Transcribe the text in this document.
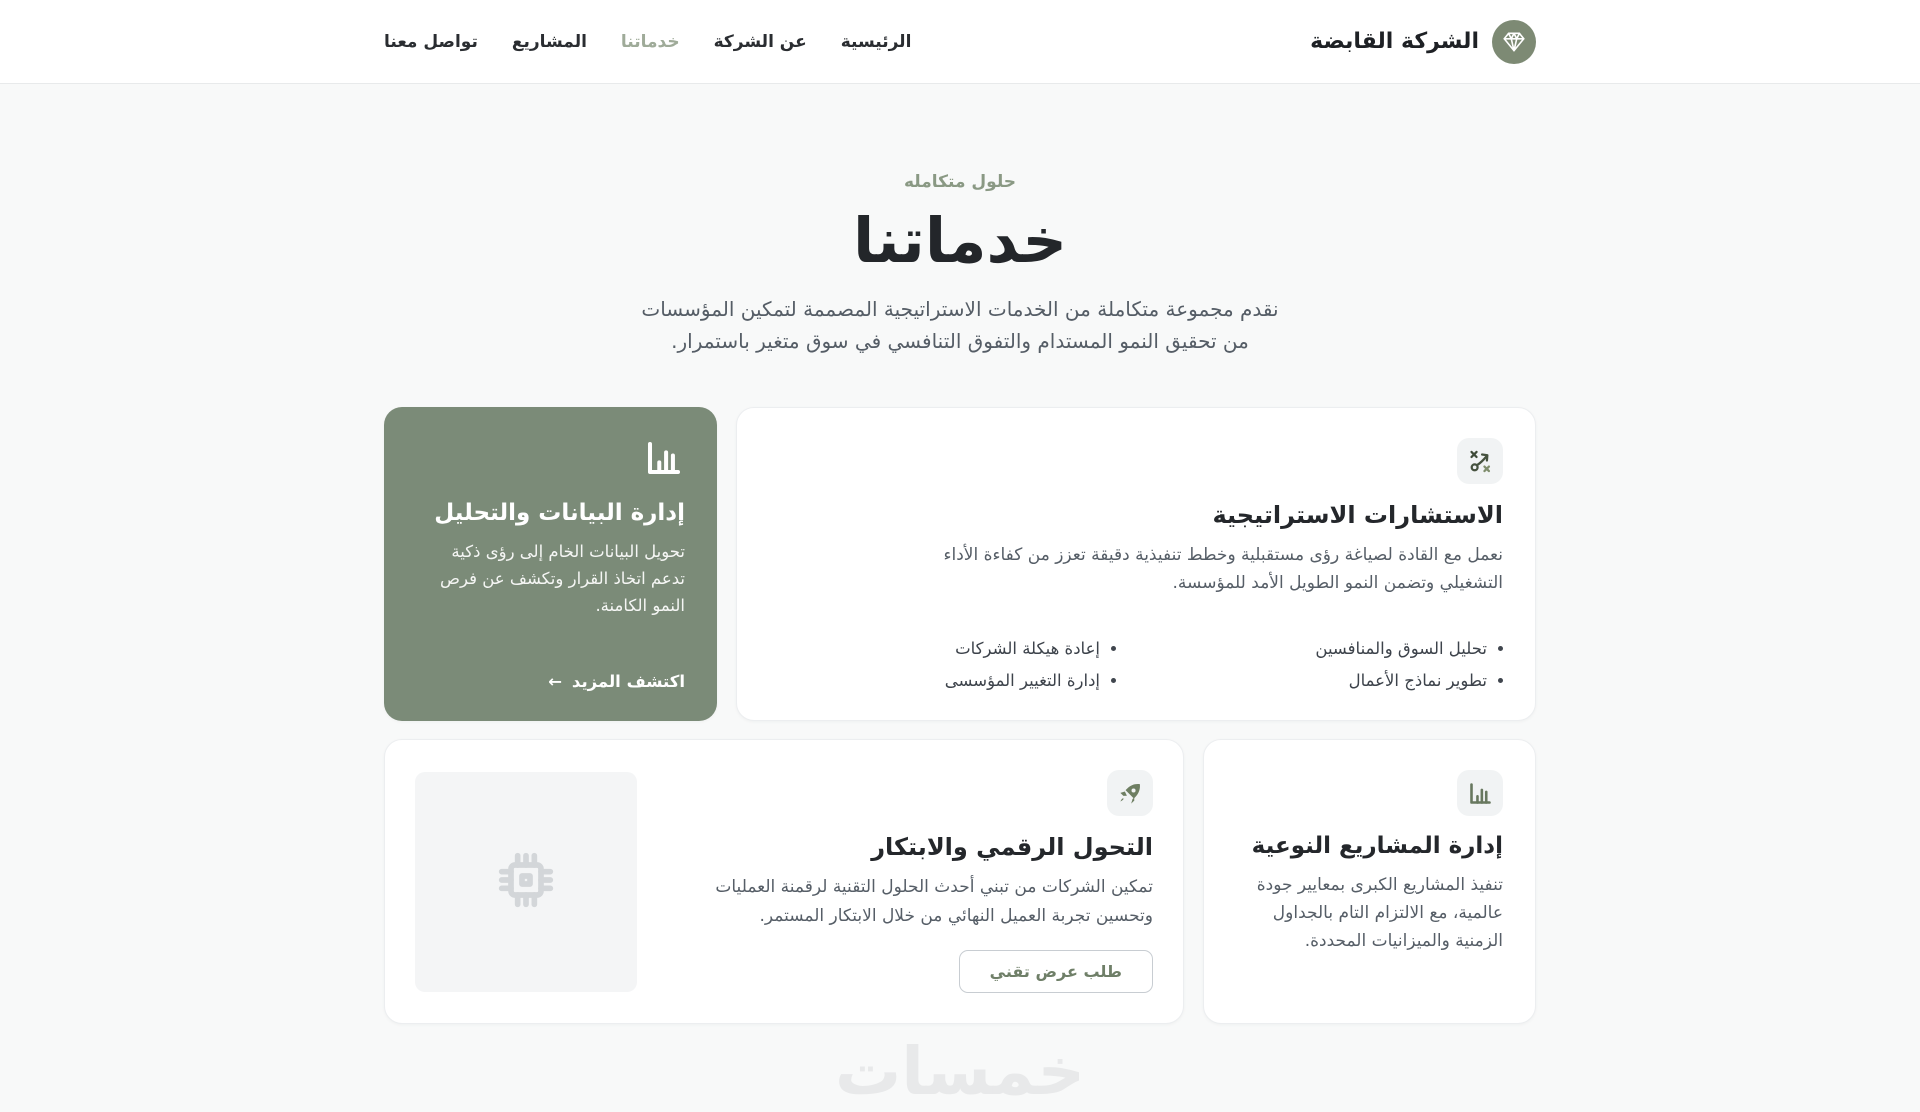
الشركة القابضة
الرئيسية
عن الشركة
خدماتنا
المشاريع
تواصل معنا
حلول متكامله
خدماتنا

نقدم مجموعة متكاملة من الخدمات الاستراتيجية المصممة لتمكين المؤسسات من تحقيق النمو المستدام والتفوق التنافسي في سوق متغير باستمرار.

الاستشارات الاستراتيجية

نعمل مع القادة لصياغة رؤى مستقبلية وخطط تنفيذية دقيقة تعزز من كفاءة الأداء التشغيلي وتضمن النمو الطويل الأمد للمؤسسة.

تحليل السوق والمنافسين
إعادة هيكلة الشركات
تطوير نماذج الأعمال
إدارة التغيير المؤسسى
إدارة البيانات والتحليل

تحويل البيانات الخام إلى رؤى ذكية تدعم اتخاذ القرار وتكشف عن فرص النمو الكامنة.

اكتشف المزيد
←
إدارة المشاريع النوعية

تنفيذ المشاريع الكبرى بمعايير جودة عالمية، مع الالتزام التام بالجداول الزمنية والميزانيات المحددة.

التحول الرقمي والابتكار

تمكين الشركات من تبني أحدث الحلول التقنية لرقمنة العمليات وتحسين تجربة العميل النهائي من خلال الابتكار المستمر.

طلب عرض تقني
خمسات
